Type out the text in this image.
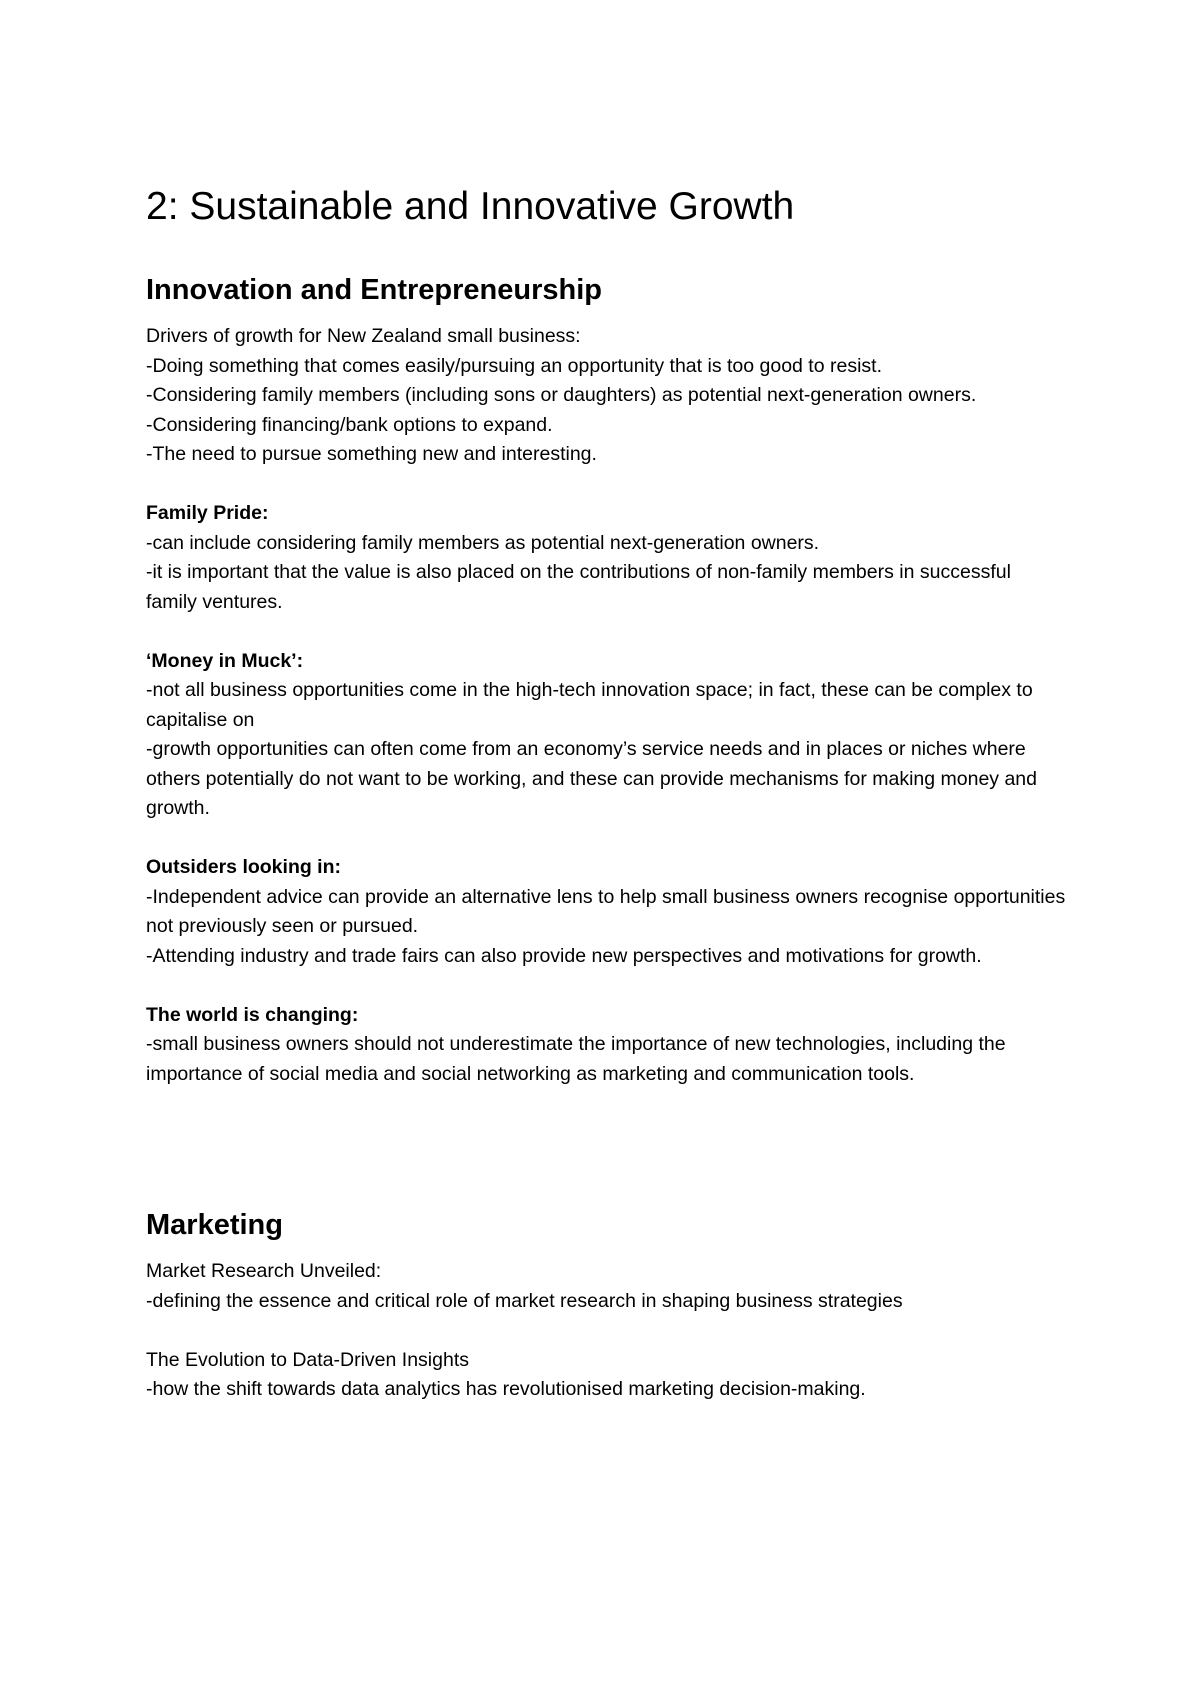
2: Sustainable and Innovative Growth
Innovation and Entrepreneurship
Drivers of growth for New Zealand small business:
-Doing something that comes easily/pursuing an opportunity that is too good to resist.
-Considering family members (including sons or daughters) as potential next-generation owners.
-Considering financing/bank options to expand.
-The need to pursue something new and interesting.
Family Pride:
-can include considering family members as potential next-generation owners.
-it is important that the value is also placed on the contributions of non-family members in successful family ventures.
‘Money in Muck’:
-not all business opportunities come in the high-tech innovation space; in fact, these can be complex to capitalise on
-growth opportunities can often come from an economy’s service needs and in places or niches where others potentially do not want to be working, and these can provide mechanisms for making money and growth.
Outsiders looking in:
-Independent advice can provide an alternative lens to help small business owners recognise opportunities not previously seen or pursued.
-Attending industry and trade fairs can also provide new perspectives and motivations for growth.
The world is changing:
-small business owners should not underestimate the importance of new technologies, including the importance of social media and social networking as marketing and communication tools.
Marketing
Market Research Unveiled:
-defining the essence and critical role of market research in shaping business strategies
The Evolution to Data-Driven Insights
-how the shift towards data analytics has revolutionised marketing decision-making.
